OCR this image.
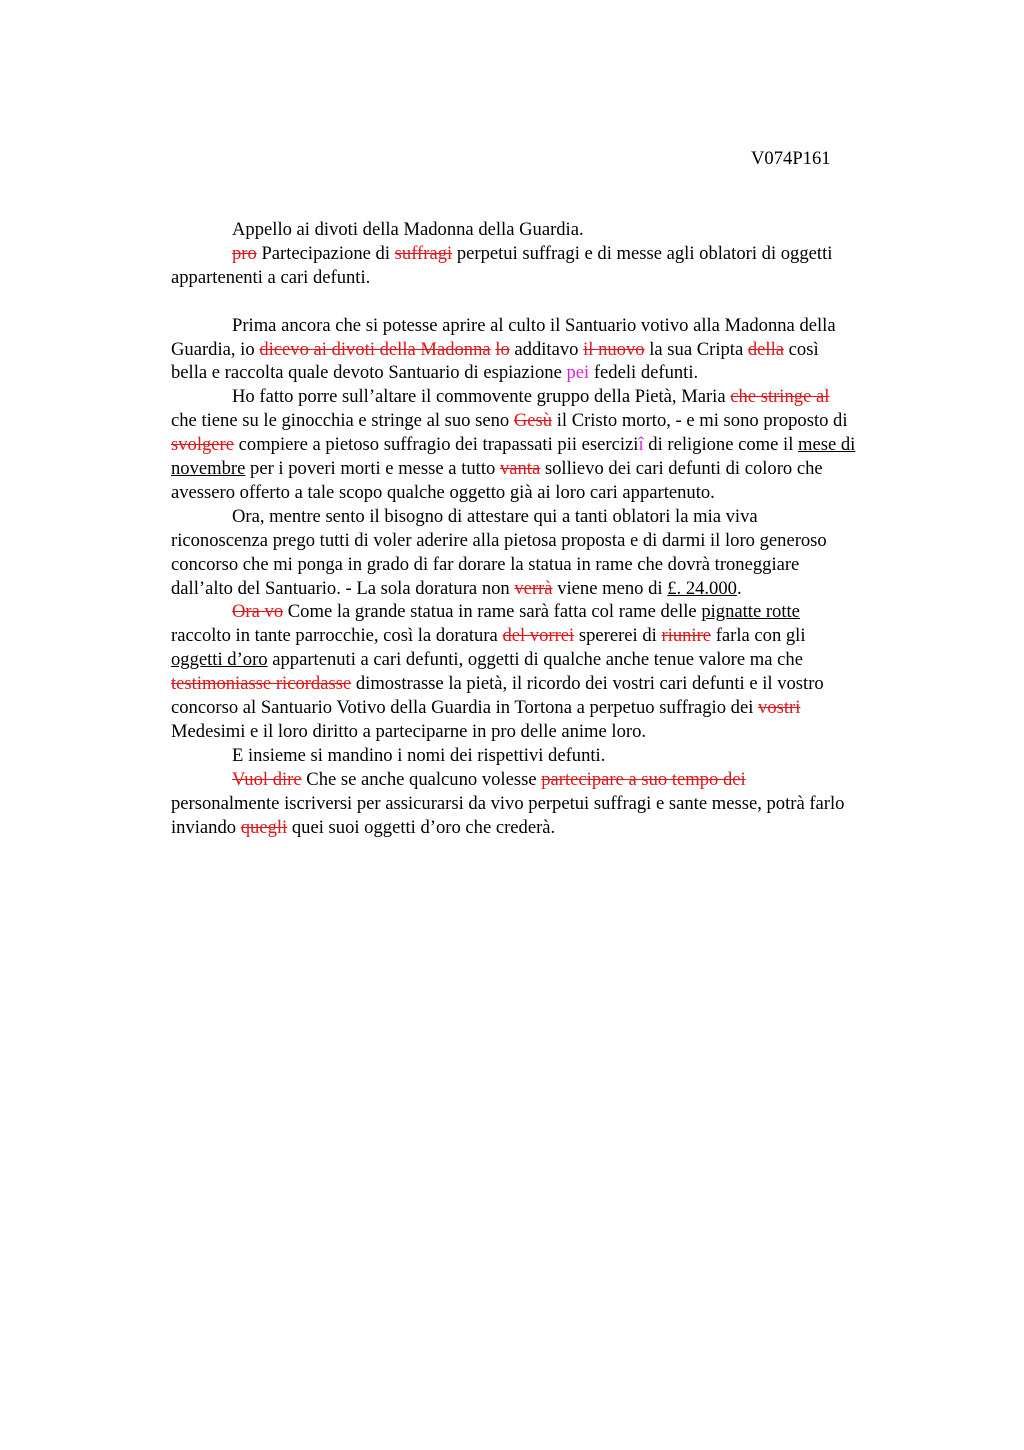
V074P161

Appello ai divoti della Madonna della Guardia.

pro Partecipazione di suffragi perpetui suffragi e di messe agli oblatori di oggetti
appartenenti a cari defunti.

Prima ancora che si potesse aprire al culto il Santuario votivo alla Madonna della
Guardia, io dicevo ai divoti della Madonna lo additavo il nuovo la sua Cripta della così
bella e raccolta quale devoto Santuario di espiazione pei fedeli defunti.

Ho fatto porre sull’altare il commovente gruppo della Pietà, Maria che stringe al
che tiene su le ginocchia e stringe al suo seno Gesù il Cristo morto, - e mi sono proposto di
svolgere compiere a pietoso suffragio dei trapassati pii eserciziî di religione come il mese di
novembre per i poveri morti e messe a tutto vanta sollievo dei cari defunti di coloro che
avessero offerto a tale scopo qualche oggetto già ai loro cari appartenuto.

Ora, mentre sento il bisogno di attestare qui a tanti oblatori la mia viva
riconoscenza prego tutti di voler aderire alla pietosa proposta e di darmi il loro generoso
concorso che mi ponga in grado di far dorare la statua in rame che dovrà troneggiare
dall’alto del Santuario. - La sola doratura non verrà viene meno di £. 24.000.

Ora vo Come la grande statua in rame sarà fatta col rame delle pignatte rotte
raccolto in tante parrocchie, così la doratura del vorrei spererei di riunire farla con gli
oggetti d’oro appartenuti a cari defunti, oggetti di qualche anche tenue valore ma che
testimoniasse ricordasse dimostrasse la pietà, il ricordo dei vostri cari defunti e il vostro
concorso al Santuario Votivo della Guardia in Tortona a perpetuo suffragio dei vostri
Medesimi e il loro diritto a parteciparne in pro delle anime loro.

E insieme si mandino i nomi dei rispettivi defunti.

Vuol dire Che se anche qualcuno volesse partecipare a suo tempo dei
personalmente iscriversi per assicurarsi da vivo perpetui suffragi e sante messe, potrà farlo
inviando quegli quei suoi oggetti d’oro che crederà.
